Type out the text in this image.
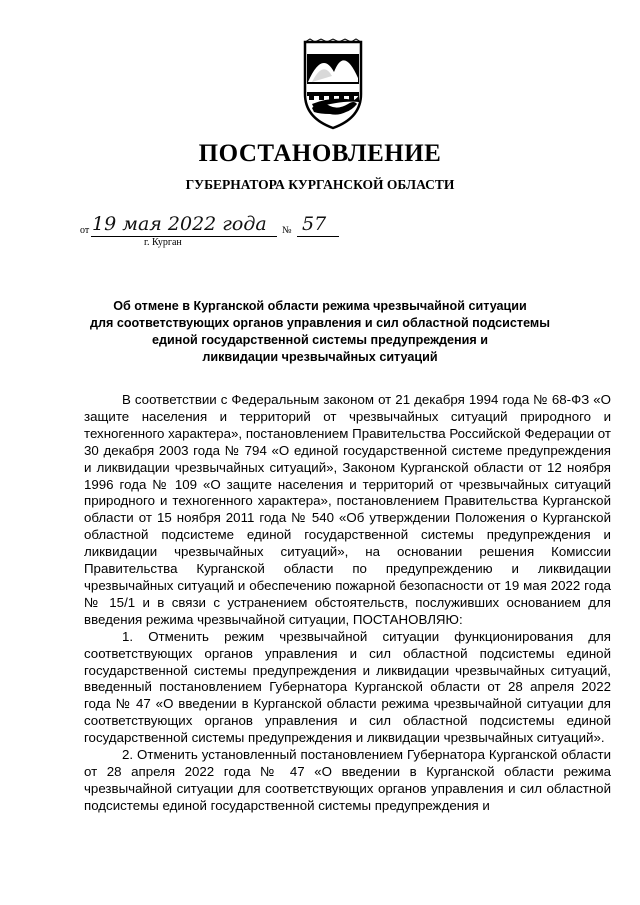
ПОСТАНОВЛЕНИЕ
ГУБЕРНАТОРА КУРГАНСКОЙ ОБЛАСТИ
от 19 мая 2022 года № 57
г. Курган
Об отмене в Курганской области режима чрезвычайной ситуации
для соответствующих органов управления и сил областной подсистемы
единой государственной системы предупреждения и
ликвидации чрезвычайных ситуаций

В соответствии с Федеральным законом от 21 декабря 1994 года № 68-ФЗ «О защите населения и территорий от чрезвычайных ситуаций природного и техногенного характера», постановлением Правительства Российской Федерации от 30 декабря 2003 года № 794 «О единой государственной системе предупреждения и ликвидации чрезвычайных ситуаций», Законом Курганской области от 12 ноября 1996 года № 109 «О защите населения и территорий от чрезвычайных ситуаций природного и техногенного характера», постановлением Правительства Курганской области от 15 ноября 2011 года № 540 «Об утверждении Положения о Курганской областной подсистеме единой государственной системы предупреждения и ликвидации чрезвычайных ситуаций», на основании решения Комиссии Правительства Курганской области по предупреждению и ликвидации чрезвычайных ситуаций и обеспечению пожарной безопасности от 19 мая 2022 года № 15/1 и в связи с устранением обстоятельств, послуживших основанием для введения режима чрезвычайной ситуации, ПОСТАНОВЛЯЮ:

1. Отменить режим чрезвычайной ситуации функционирования для соответствующих органов управления и сил областной подсистемы единой государственной системы предупреждения и ликвидации чрезвычайных ситуаций, введенный постановлением Губернатора Курганской области от 28 апреля 2022 года № 47 «О введении в Курганской области режима чрезвычайной ситуации для соответствующих органов управления и сил областной подсистемы единой государственной системы предупреждения и ликвидации чрезвычайных ситуаций».

2. Отменить установленный постановлением Губернатора Курганской области от 28 апреля 2022 года № 47 «О введении в Курганской области режима чрезвычайной ситуации для соответствующих органов управления и сил областной подсистемы единой государственной системы предупреждения и
